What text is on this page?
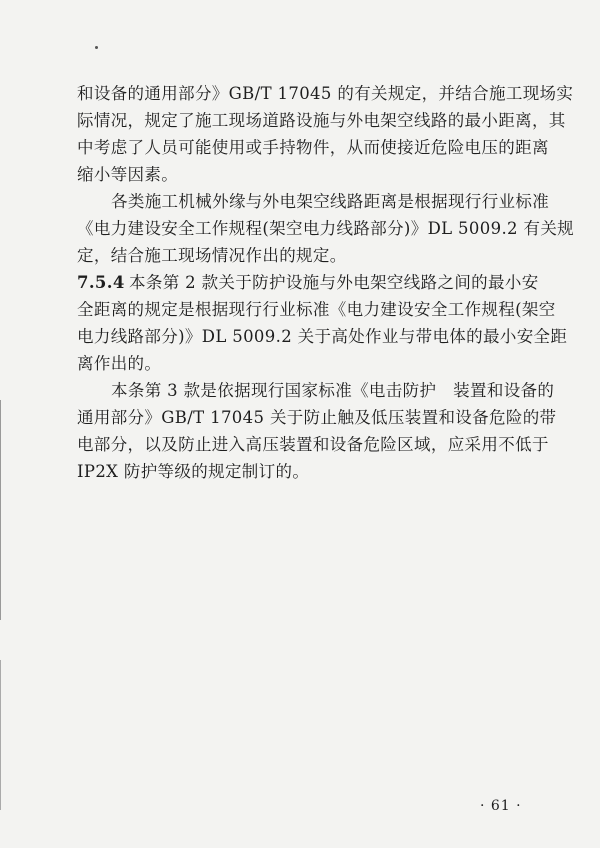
和设备的通用部分》GB/T 17045 的有关规定，并结合施工现场实
际情况，规定了施工现场道路设施与外电架空线路的最小距离，其
中考虑了人员可能使用或手持物件，从而使接近危险电压的距离
缩小等因素。
各类施工机械外缘与外电架空线路距离是根据现行行业标准
《电力建设安全工作规程(架空电力线路部分)》DL 5009.2 有关规
定，结合施工现场情况作出的规定。
7.5.4 本条第 2 款关于防护设施与外电架空线路之间的最小安
全距离的规定是根据现行行业标准《电力建设安全工作规程(架空
电力线路部分)》DL 5009.2 关于高处作业与带电体的最小安全距
离作出的。
本条第 3 款是依据现行国家标准《电击防护　装置和设备的
通用部分》GB/T 17045 关于防止触及低压装置和设备危险的带
电部分，以及防止进入高压装置和设备危险区域，应采用不低于
IP2X 防护等级的规定制订的。
· 61 ·
